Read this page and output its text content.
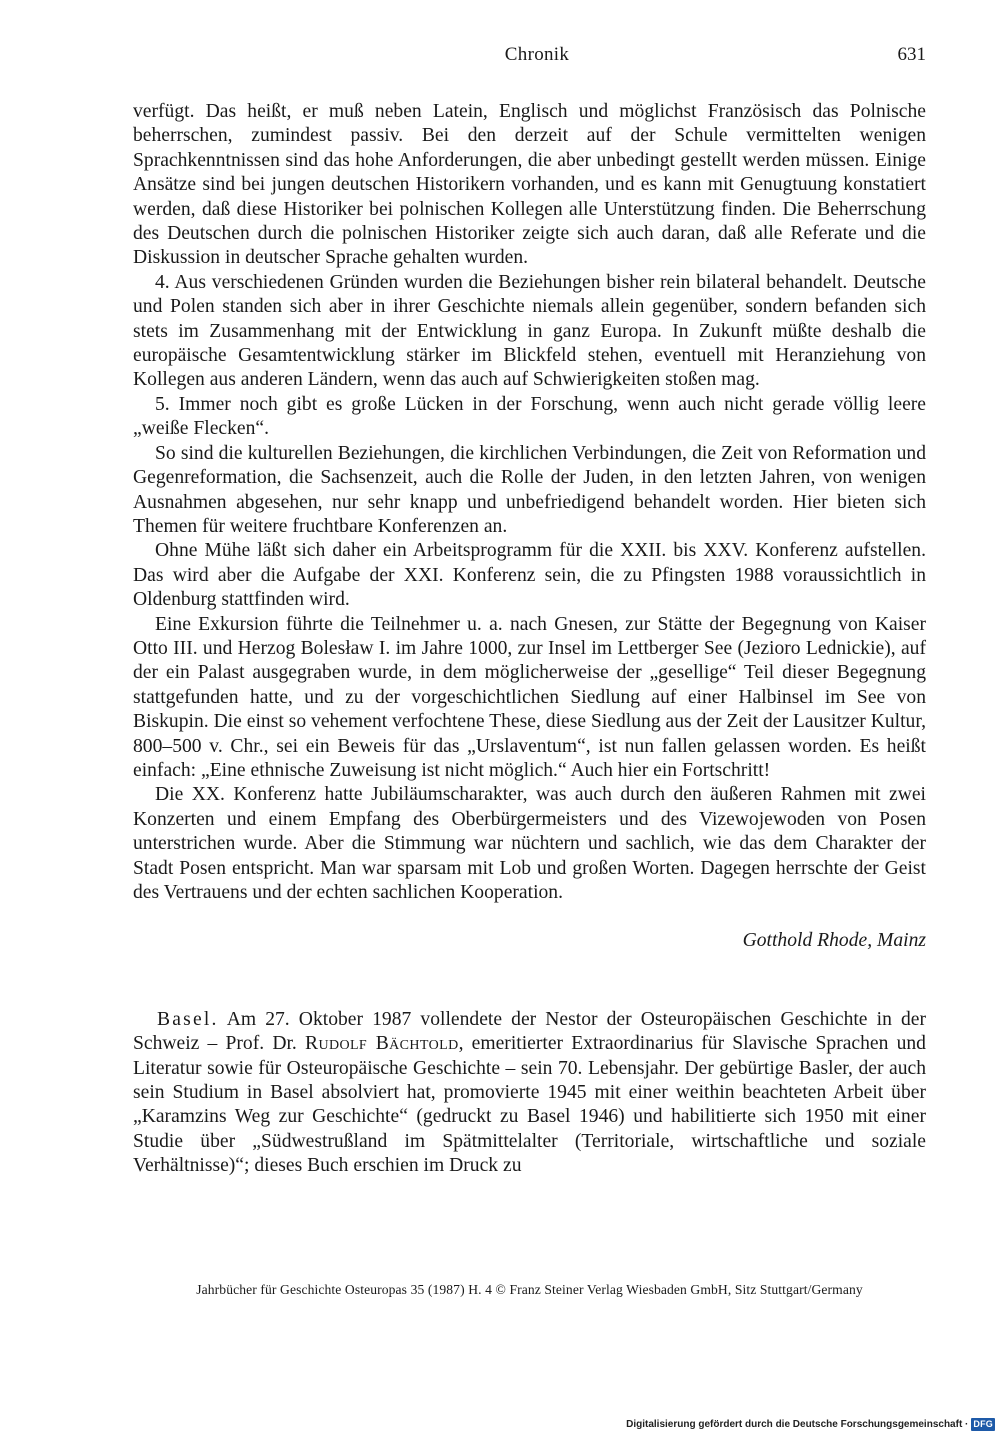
Chronik	631

verfügt. Das heißt, er muß neben Latein, Englisch und möglichst Französisch das Polnische beherrschen, zumindest passiv. Bei den derzeit auf der Schule vermittelten wenigen Sprachkenntnissen sind das hohe Anforderungen, die aber unbedingt gestellt werden müssen. Einige Ansätze sind bei jungen deutschen Historikern vorhanden, und es kann mit Genugtuung konstatiert werden, daß diese Historiker bei polnischen Kollegen alle Unterstützung finden. Die Beherrschung des Deutschen durch die polnischen Historiker zeigte sich auch daran, daß alle Referate und die Diskussion in deutscher Sprache gehalten wurden.

4. Aus verschiedenen Gründen wurden die Beziehungen bisher rein bilateral behandelt. Deutsche und Polen standen sich aber in ihrer Geschichte niemals allein gegenüber, sondern befanden sich stets im Zusammenhang mit der Entwicklung in ganz Europa. In Zukunft müßte deshalb die europäische Gesamtentwicklung stärker im Blickfeld stehen, eventuell mit Heranziehung von Kollegen aus anderen Ländern, wenn das auch auf Schwierigkeiten stoßen mag.

5. Immer noch gibt es große Lücken in der Forschung, wenn auch nicht gerade völlig leere „weiße Flecken“.

So sind die kulturellen Beziehungen, die kirchlichen Verbindungen, die Zeit von Reformation und Gegenreformation, die Sachsenzeit, auch die Rolle der Juden, in den letzten Jahren, von wenigen Ausnahmen abgesehen, nur sehr knapp und unbefriedigend behandelt worden. Hier bieten sich Themen für weitere fruchtbare Konferenzen an.

Ohne Mühe läßt sich daher ein Arbeitsprogramm für die XXII. bis XXV. Konferenz aufstellen. Das wird aber die Aufgabe der XXI. Konferenz sein, die zu Pfingsten 1988 voraussichtlich in Oldenburg stattfinden wird.

Eine Exkursion führte die Teilnehmer u. a. nach Gnesen, zur Stätte der Begegnung von Kaiser Otto III. und Herzog Bolesław I. im Jahre 1000, zur Insel im Lettberger See (Jezioro Lednickie), auf der ein Palast ausgegraben wurde, in dem möglicherweise der „gesellige“ Teil dieser Begegnung stattgefunden hatte, und zu der vorgeschichtlichen Siedlung auf einer Halbinsel im See von Biskupin. Die einst so vehement verfochtene These, diese Siedlung aus der Zeit der Lausitzer Kultur, 800–500 v. Chr., sei ein Beweis für das „Urslaventum“, ist nun fallen gelassen worden. Es heißt einfach: „Eine ethnische Zuweisung ist nicht möglich.“ Auch hier ein Fortschritt!

Die XX. Konferenz hatte Jubiläumscharakter, was auch durch den äußeren Rahmen mit zwei Konzerten und einem Empfang des Oberbürgermeisters und des Vizewojewoden von Posen unterstrichen wurde. Aber die Stimmung war nüchtern und sachlich, wie das dem Charakter der Stadt Posen entspricht. Man war sparsam mit Lob und großen Worten. Dagegen herrschte der Geist des Vertrauens und der echten sachlichen Kooperation.

Gotthold Rhode, Mainz

Basel. Am 27. Oktober 1987 vollendete der Nestor der Osteuropäischen Geschichte in der Schweiz – Prof. Dr. Rudolf Bächtold, emeritierter Extraordinarius für Slavische Sprachen und Literatur sowie für Osteuropäische Geschichte – sein 70. Lebensjahr. Der gebürtige Basler, der auch sein Studium in Basel absolviert hat, promovierte 1945 mit einer weithin beachteten Arbeit über „Karamzins Weg zur Geschichte“ (gedruckt zu Basel 1946) und habilitierte sich 1950 mit einer Studie über „Südwestrußland im Spätmittelalter (Territoriale, wirtschaftliche und soziale Verhältnisse)“; dieses Buch erschien im Druck zu

Jahrbücher für Geschichte Osteuropas 35 (1987) H. 4 © Franz Steiner Verlag Wiesbaden GmbH, Sitz Stuttgart/Germany
Digitalisierung gefördert durch die Deutsche Forschungsgemeinschaft · DFG
